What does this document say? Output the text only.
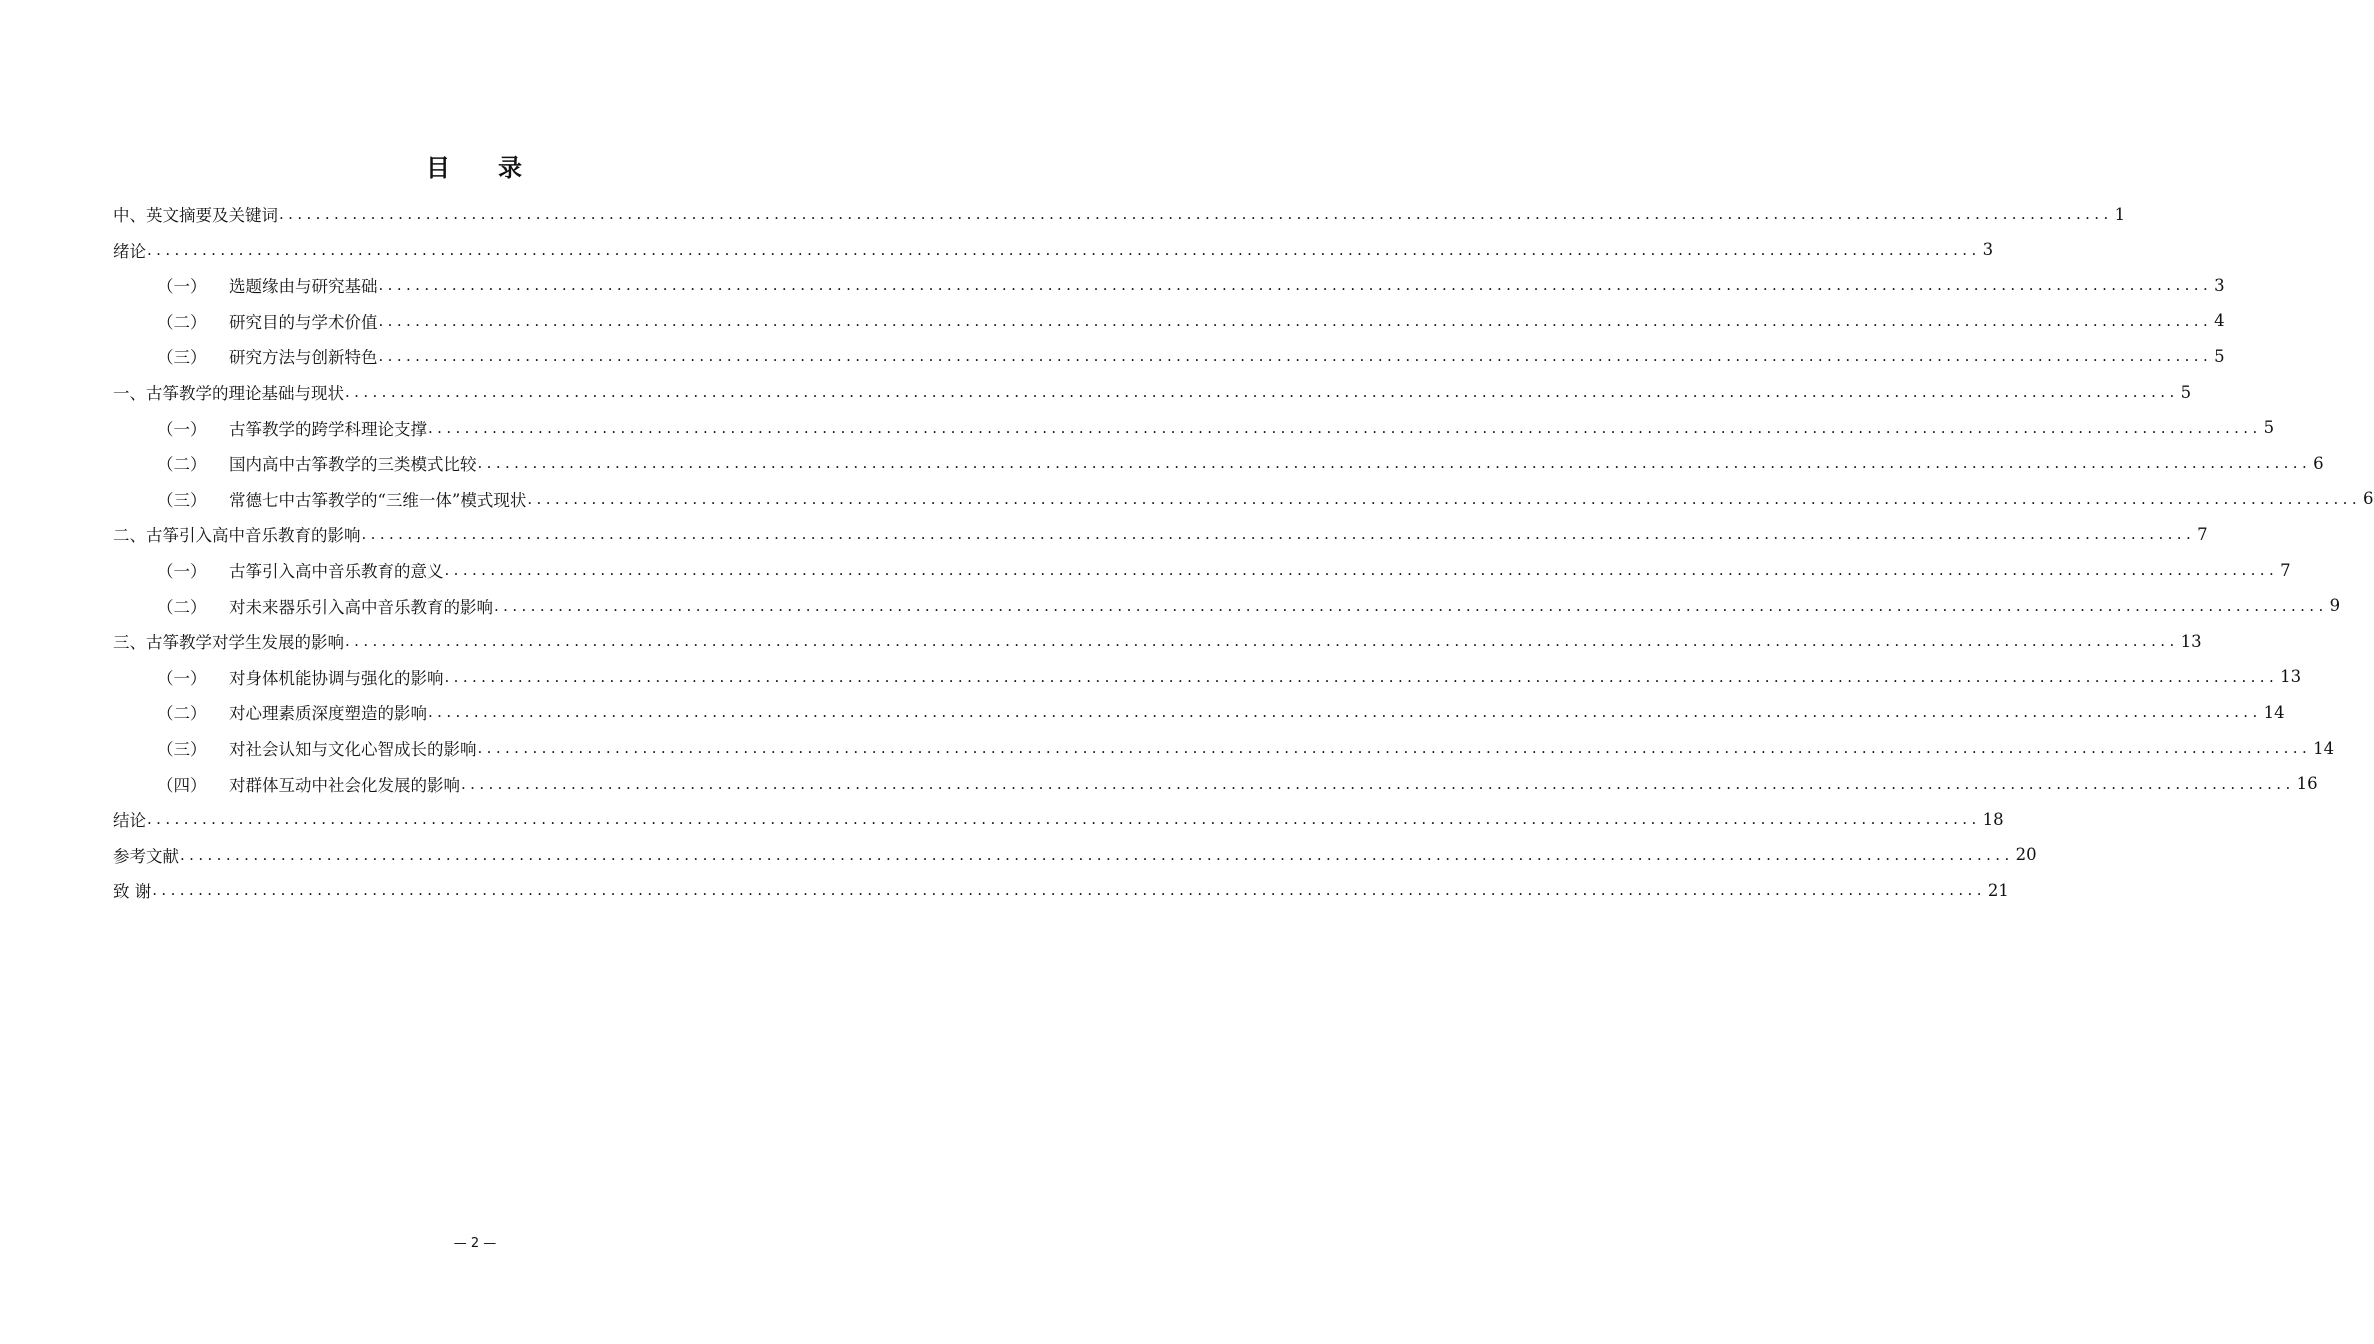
目 录
中、英文摘要及关键词 ........................................................................................................................................................................................................ 1
绪论 ........................................................................................................................................................................................................ 3
（一）	选题缘由与研究基础 ........................................................................................................................................................................................................ 3
（二）	研究目的与学术价值 ........................................................................................................................................................................................................ 4
（三）	研究方法与创新特色 ........................................................................................................................................................................................................ 5
一、古筝教学的理论基础与现状 ........................................................................................................................................................................................................ 5
（一）	古筝教学的跨学科理论支撑 ........................................................................................................................................................................................................ 5
（二）	国内高中古筝教学的三类模式比较 ........................................................................................................................................................................................................ 6
（三）	常德七中古筝教学的“三维一体”模式现状 ........................................................................................................................................................................................................ 6
二、古筝引入高中音乐教育的影响 ........................................................................................................................................................................................................ 7
（一）	古筝引入高中音乐教育的意义 ........................................................................................................................................................................................................ 7
（二）	对未来器乐引入高中音乐教育的影响 ........................................................................................................................................................................................................ 9
三、古筝教学对学生发展的影响 ........................................................................................................................................................................................................ 13
（一）	对身体机能协调与强化的影响 ........................................................................................................................................................................................................ 13
（二）	对心理素质深度塑造的影响 ........................................................................................................................................................................................................ 14
（三）	对社会认知与文化心智成长的影响 ........................................................................................................................................................................................................ 14
（四）	对群体互动中社会化发展的影响 ........................................................................................................................................................................................................ 16
结论 ........................................................................................................................................................................................................ 18
参考文献 ........................................................................................................................................................................................................ 20
致 谢 ........................................................................................................................................................................................................ 21
— 2 —
